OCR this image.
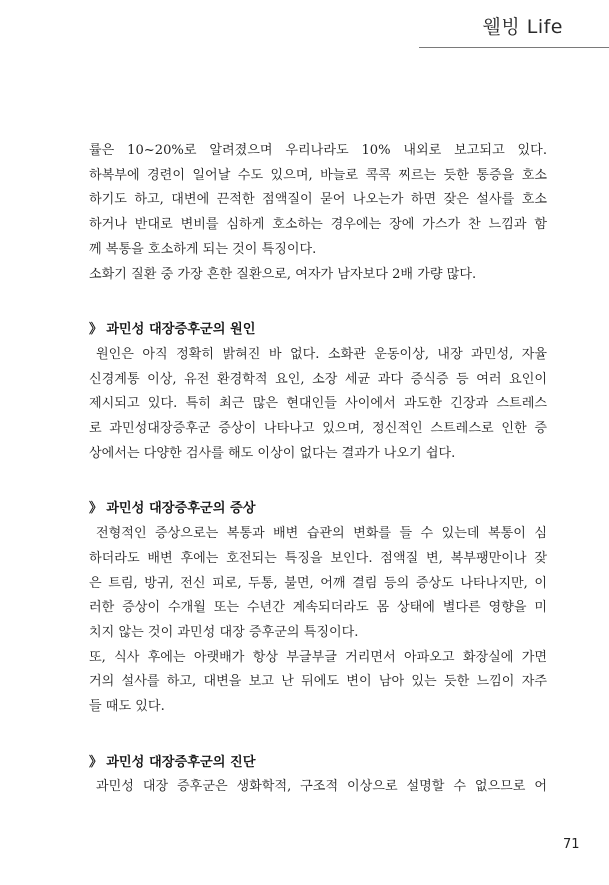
웰빙 Life

률은 10~20%로 알려졌으며 우리나라도 10% 내외로 보고되고 있다.

하복부에 경련이 일어날 수도 있으며, 바늘로 콕콕 찌르는 듯한 통증을 호소

하기도 하고, 대변에 끈적한 점액질이 묻어 나오는가 하면 잦은 설사를 호소

하거나 반대로 변비를 심하게 호소하는 경우에는 장에 가스가 찬 느낌과 함

께 복통을 호소하게 되는 것이 특징이다.

소화기 질환 중 가장 흔한 질환으로, 여자가 남자보다 2배 가량 많다.

》 과민성 대장증후군의 원인

원인은 아직 정확히 밝혀진 바 없다. 소화관 운동이상, 내장 과민성, 자율

신경계통 이상, 유전 환경학적 요인, 소장 세균 과다 증식증 등 여러 요인이

제시되고 있다. 특히 최근 많은 현대인들 사이에서 과도한 긴장과 스트레스

로 과민성대장증후군 증상이 나타나고 있으며, 정신적인 스트레스로 인한 증

상에서는 다양한 검사를 해도 이상이 없다는 결과가 나오기 쉽다.

》 과민성 대장증후군의 증상

전형적인 증상으로는 복통과 배변 습관의 변화를 들 수 있는데 복통이 심

하더라도 배변 후에는 호전되는 특징을 보인다. 점액질 변, 복부팽만이나 잦

은 트림, 방귀, 전신 피로, 두통, 불면, 어깨 결림 등의 증상도 나타나지만, 이

러한 증상이 수개월 또는 수년간 계속되더라도 몸 상태에 별다른 영향을 미

치지 않는 것이 과민성 대장 증후군의 특징이다.

또, 식사 후에는 아랫배가 항상 부글부글 거리면서 아파오고 화장실에 가면

거의 설사를 하고, 대변을 보고 난 뒤에도 변이 남아 있는 듯한 느낌이 자주

들 때도 있다.

》 과민성 대장증후군의 진단

과민성 대장 증후군은 생화학적, 구조적 이상으로 설명할 수 없으므로 어

71
